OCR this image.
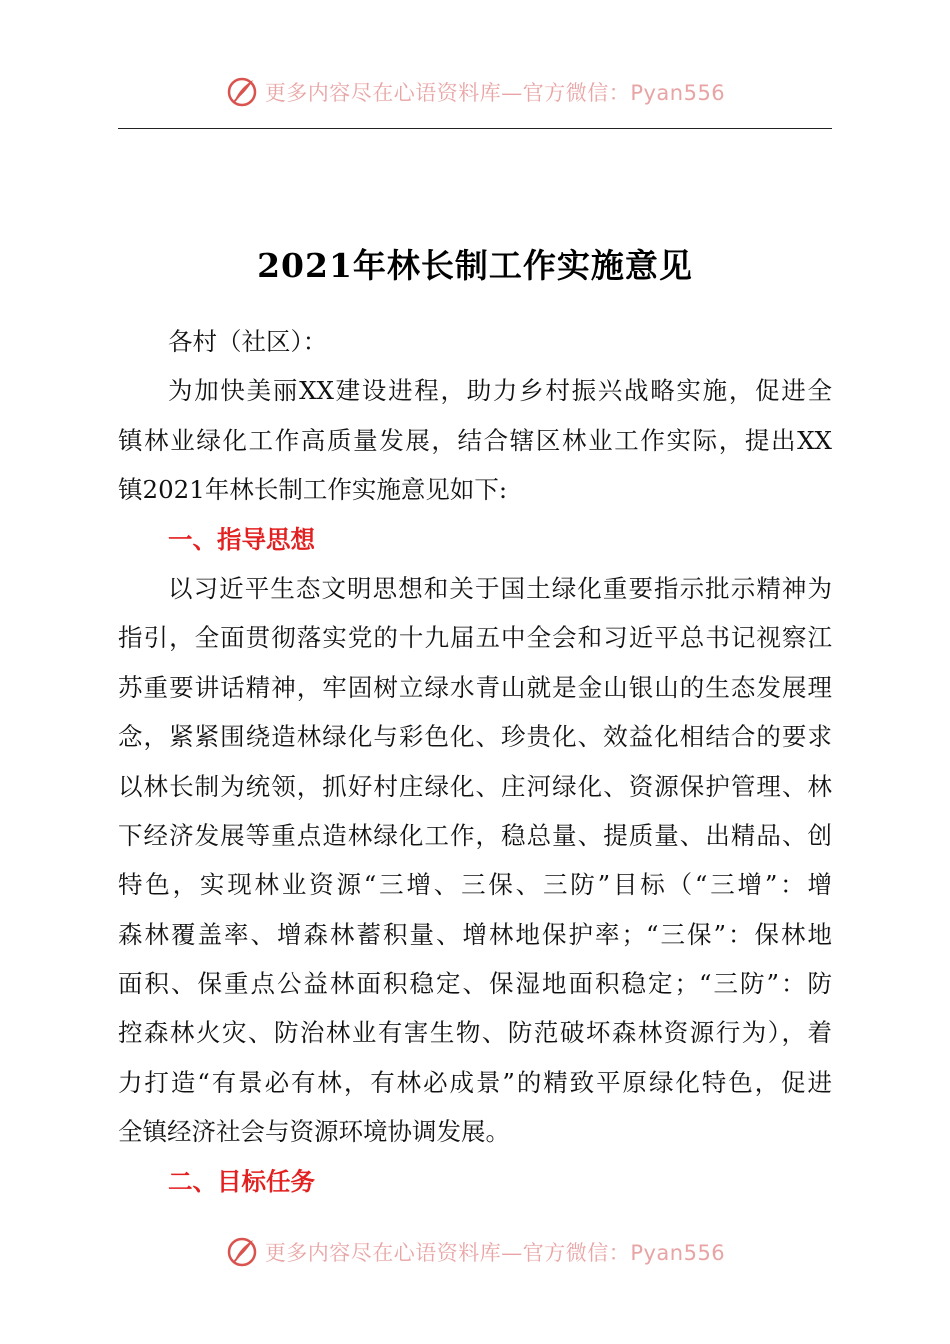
更多内容尽在心语资料库—官方微信：Pyan556
2021年林长制工作实施意见
各村（社区）：
为加快美丽XX建设进程，助力乡村振兴战略实施，促进全
镇林业绿化工作高质量发展，结合辖区林业工作实际，提出XX
镇2021年林长制工作实施意见如下:
一、指导思想
以习近平生态文明思想和关于国土绿化重要指示批示精神为
指引，全面贯彻落实党的十九届五中全会和习近平总书记视察江
苏重要讲话精神，牢固树立绿水青山就是金山银山的生态发展理
念，紧紧围绕造林绿化与彩色化、珍贵化、效益化相结合的要求
以林长制为统领，抓好村庄绿化、庄河绿化、资源保护管理、林
下经济发展等重点造林绿化工作，稳总量、提质量、出精品、创
特色，实现林业资源“三增、三保、三防”目标（“三增”：增
森林覆盖率、增森林蓄积量、增林地保护率；“三保”：保林地
面积、保重点公益林面积稳定、保湿地面积稳定；“三防”：防
控森林火灾、防治林业有害生物、防范破坏森林资源行为），着
力打造“有景必有林，有林必成景”的精致平原绿化特色，促进
全镇经济社会与资源环境协调发展。
二、目标任务
更多内容尽在心语资料库—官方微信：Pyan556
